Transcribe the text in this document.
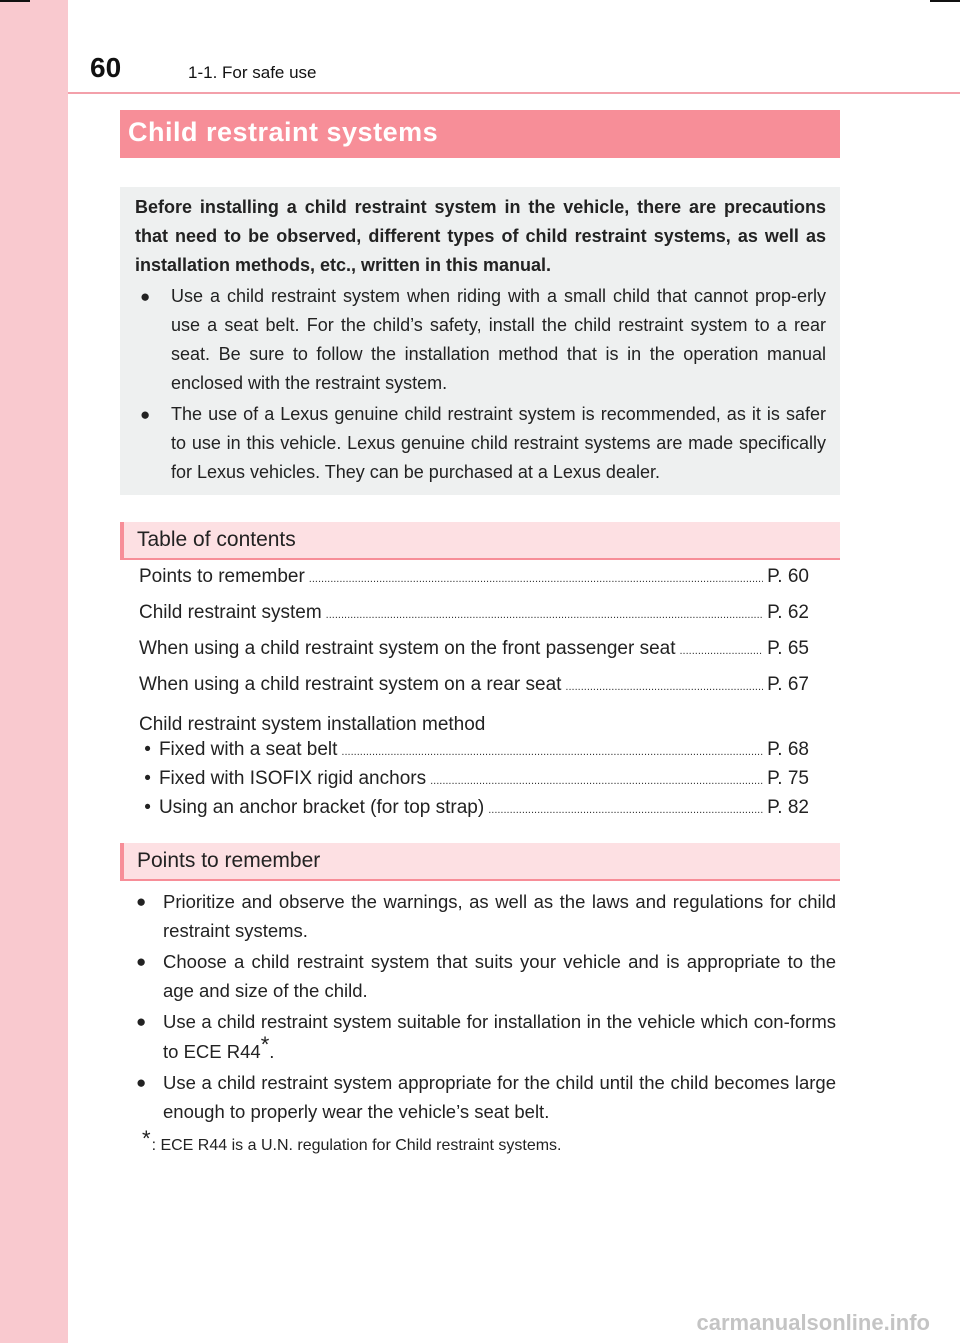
60	1-1. For safe use
Child restraint systems
Before installing a child restraint system in the vehicle, there are precautions that need to be observed, different types of child restraint systems, as well as installation methods, etc., written in this manual.
● Use a child restraint system when riding with a small child that cannot prop-erly use a seat belt. For the child’s safety, install the child restraint system to a rear seat. Be sure to follow the installation method that is in the operation manual enclosed with the restraint system.
● The use of a Lexus genuine child restraint system is recommended, as it is safer to use in this vehicle. Lexus genuine child restraint systems are made specifically for Lexus vehicles. They can be purchased at a Lexus dealer.
Table of contents
Points to remember .....	P. 60
Child restraint system .....	P. 62
When using a child restraint system on the front passenger seat .....	P. 65
When using a child restraint system on a rear seat .....	P. 67
Child restraint system installation method
• Fixed with a seat belt .....	P. 68
• Fixed with ISOFIX rigid anchors .....	P. 75
• Using an anchor bracket (for top strap) .....	P. 82
Points to remember
● Prioritize and observe the warnings, as well as the laws and regulations for child restraint systems.
● Choose a child restraint system that suits your vehicle and is appropriate to the age and size of the child.
● Use a child restraint system suitable for installation in the vehicle which con-forms to ECE R44*.
● Use a child restraint system appropriate for the child until the child becomes large enough to properly wear the vehicle’s seat belt.
*: ECE R44 is a U.N. regulation for Child restraint systems.
carmanualsonline.info
